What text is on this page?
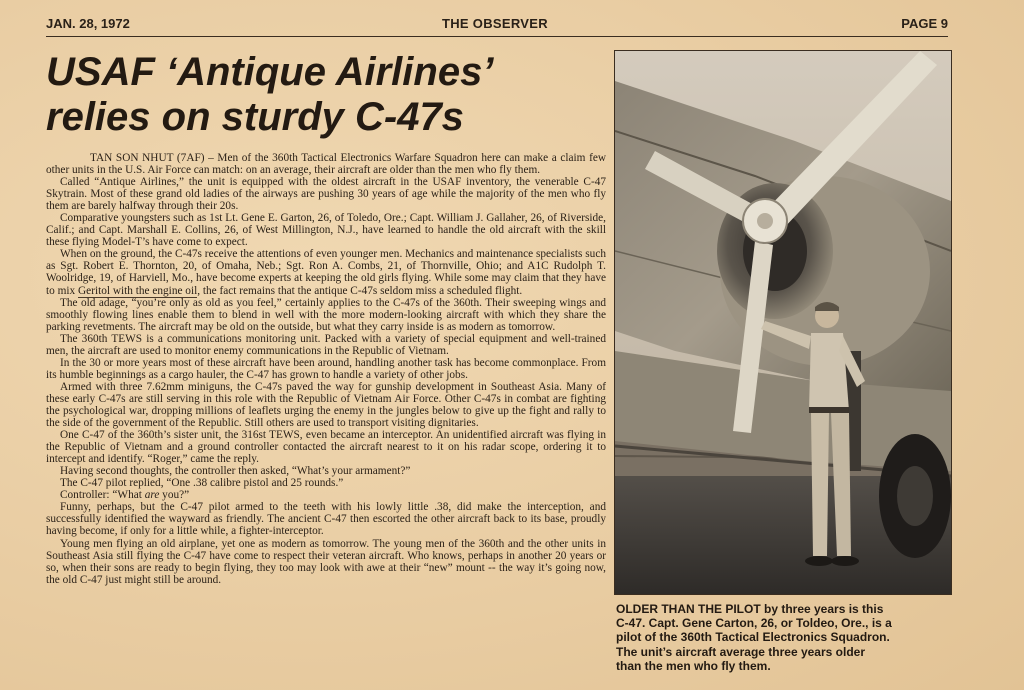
JAN. 28, 1972	THE OBSERVER	PAGE 9
USAF ‘Antique Airlines’
relies on sturdy C-47s

TAN SON NHUT (7AF) – Men of the 360th Tactical Electronics Warfare Squadron here can make a claim few other units in the U.S. Air Force can match: on an average, their aircraft are older than the men who fly them.

Called “Antique Airlines,” the unit is equipped with the oldest aircraft in the USAF inventory, the venerable C-47 Skytrain. Most of these grand old ladies of the airways are pushing 30 years of age while the majority of the men who fly them are barely halfway through their 20s.

Comparative youngsters such as 1st Lt. Gene E. Garton, 26, of Toledo, Ore.; Capt. William J. Gallaher, 26, of Riverside, Calif.; and Capt. Marshall E. Collins, 26, of West Millington, N.J., have learned to handle the old aircraft with the skill these flying Model-T’s have come to expect.

When on the ground, the C-47s receive the attentions of even younger men. Mechanics and maintenance specialists such as Sgt. Robert E. Thornton, 20, of Omaha, Neb.; Sgt. Ron A. Combs, 21, of Thornville, Ohio; and A1C Rudolph T. Woolridge, 19, of Harviell, Mo., have become experts at keeping the old girls flying. While some may claim that they have to mix Geritol with the engine oil, the fact remains that the antique C-47s seldom miss a scheduled flight.

The old adage, “you’re only as old as you feel,” certainly applies to the C-47s of the 360th. Their sweeping wings and smoothly flowing lines enable them to blend in well with the more modern-looking aircraft with which they share the parking revetments. The aircraft may be old on the outside, but what they carry inside is as modern as tomorrow.

The 360th TEWS is a communications monitoring unit. Packed with a variety of special equipment and well-trained men, the aircraft are used to monitor enemy communications in the Republic of Vietnam.

In the 30 or more years most of these aircraft have been around, handling another task has become commonplace. From its humble beginnings as a cargo hauler, the C-47 has grown to handle a variety of other jobs.

Armed with three 7.62mm miniguns, the C-47s paved the way for gunship development in Southeast Asia. Many of these early C-47s are still serving in this role with the Republic of Vietnam Air Force. Other C-47s in combat are fighting the psychological war, dropping millions of leaflets urging the enemy in the jungles below to give up the fight and rally to the side of the government of the Republic. Still others are used to transport visiting dignitaries.

One C-47 of the 360th’s sister unit, the 316st TEWS, even became an interceptor. An unidentified aircraft was flying in the Republic of Vietnam and a ground controller contacted the aircraft nearest to it on his radar scope, ordering it to intercept and identify. “Roger,” came the reply.

Having second thoughts, the controller then asked, “What’s your armament?”

The C-47 pilot replied, “One .38 calibre pistol and 25 rounds.”

Controller: “What are you?”

Funny, perhaps, but the C-47 pilot armed to the teeth with his lowly little .38, did make the interception, and successfully identified the wayward as friendly. The ancient C-47 then escorted the other aircraft back to its base, proudly having become, if only for a little while, a fighter-interceptor.

Young men flying an old airplane, yet one as modern as tomorrow. The young men of the 360th and the other units in Southeast Asia still flying the C-47 have come to respect their veteran aircraft. Who knows, perhaps in another 20 years or so, when their sons are ready to begin flying, they too may look with awe at their “new” mount -- the way it’s going now, the old C-47 just might still be around.

OLDER THAN THE PILOT by three years is this C-47. Capt. Gene Carton, 26, or Toldeo, Ore., is a pilot of the 360th Tactical Electronics Squadron. The unit’s aircraft average three years older than the men who fly them.
